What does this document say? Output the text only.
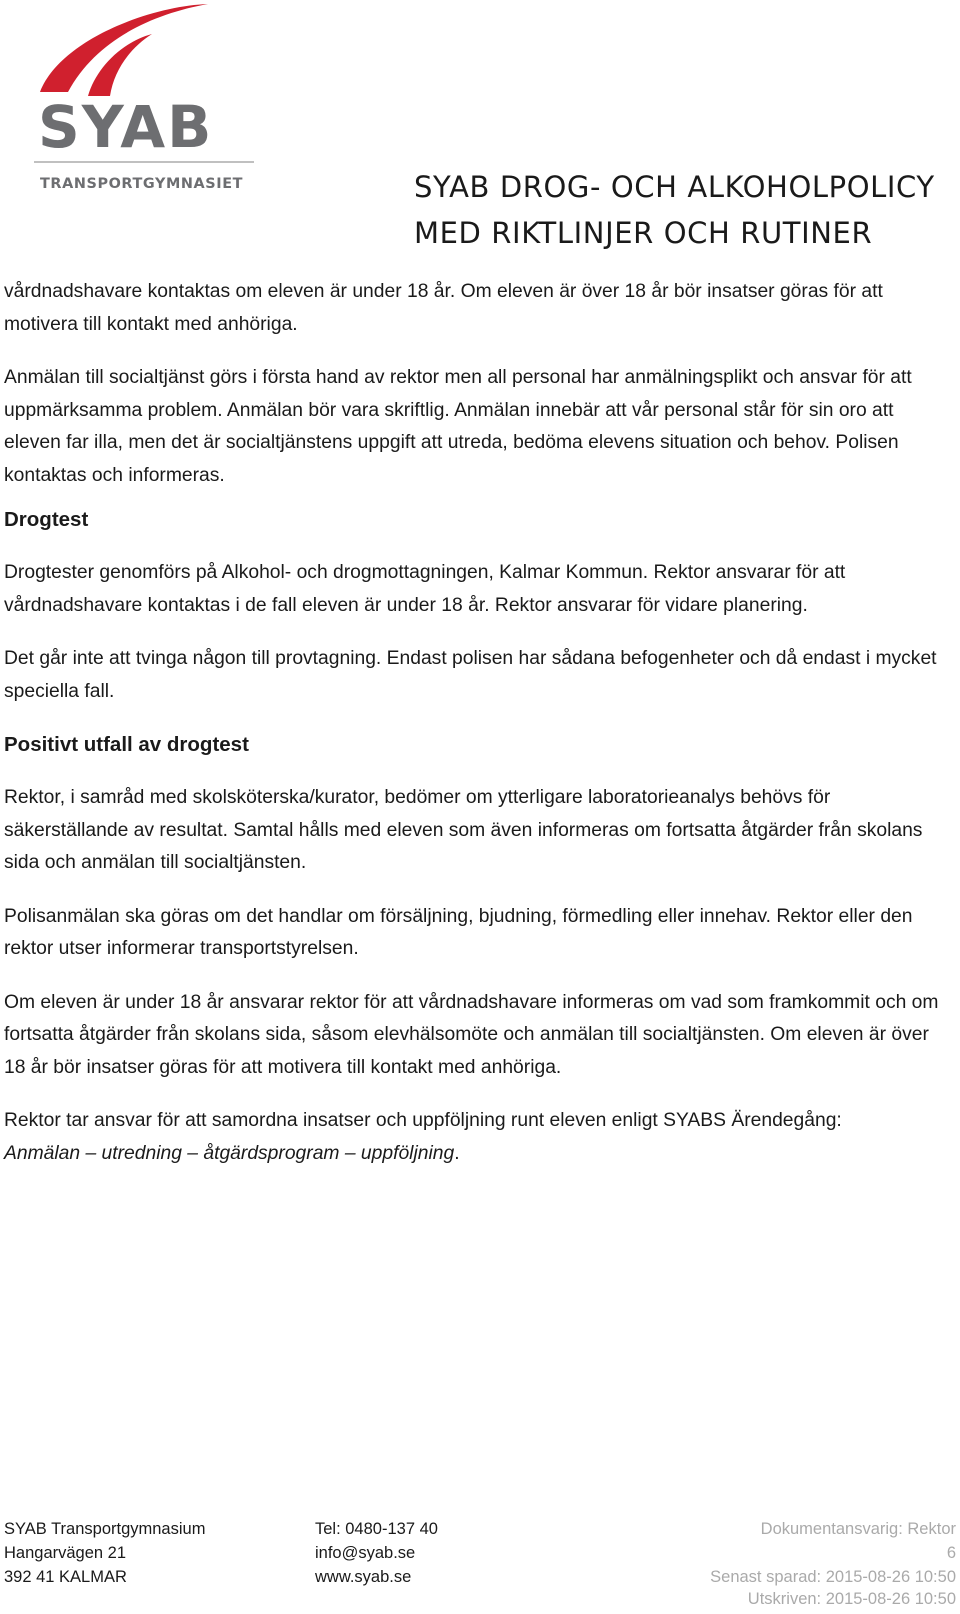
SYAB
TRANSPORTGYMNASIET	SYAB DROG- OCH ALKOHOLPOLICY
MED RIKTLINJER OCH RUTINER

vårdnadshavare kontaktas om eleven är under 18 år. Om eleven är över 18 år bör insatser göras för att motivera till kontakt med anhöriga.

Anmälan till socialtjänst görs i första hand av rektor men all personal har anmälningsplikt och ansvar för att uppmärksamma problem. Anmälan bör vara skriftlig. Anmälan innebär att vår personal står för sin oro att eleven far illa, men det är socialtjänstens uppgift att utreda, bedöma elevens situation och behov. Polisen kontaktas och informeras.

Drogtest

Drogtester genomförs på Alkohol- och drogmottagningen, Kalmar Kommun. Rektor ansvarar för att vårdnadshavare kontaktas i de fall eleven är under 18 år. Rektor ansvarar för vidare planering.

Det går inte att tvinga någon till provtagning. Endast polisen har sådana befogenheter och då endast i mycket speciella fall.

Positivt utfall av drogtest

Rektor, i samråd med skolsköterska/kurator, bedömer om ytterligare laboratorieanalys behövs för säkerställande av resultat. Samtal hålls med eleven som även informeras om fortsatta åtgärder från skolans sida och anmälan till socialtjänsten.

Polisanmälan ska göras om det handlar om försäljning, bjudning, förmedling eller innehav. Rektor eller den rektor utser informerar transportstyrelsen.

Om eleven är under 18 år ansvarar rektor för att vårdnadshavare informeras om vad som framkommit och om fortsatta åtgärder från skolans sida, såsom elevhälsomöte och anmälan till socialtjänsten. Om eleven är över 18 år bör insatser göras för att motivera till kontakt med anhöriga.

Rektor tar ansvar för att samordna insatser och uppföljning runt eleven enligt SYABS Ärendegång:
Anmälan – utredning – åtgärdsprogram – uppföljning.

SYAB Transportgymnasium
Hangarvägen 21
392 41 KALMAR
Tel: 0480-137 40
info@syab.se
www.syab.se
Dokumentansvarig: Rektor
6
Senast sparad: 2015-08-26 10:50
Utskriven: 2015-08-26 10:50
